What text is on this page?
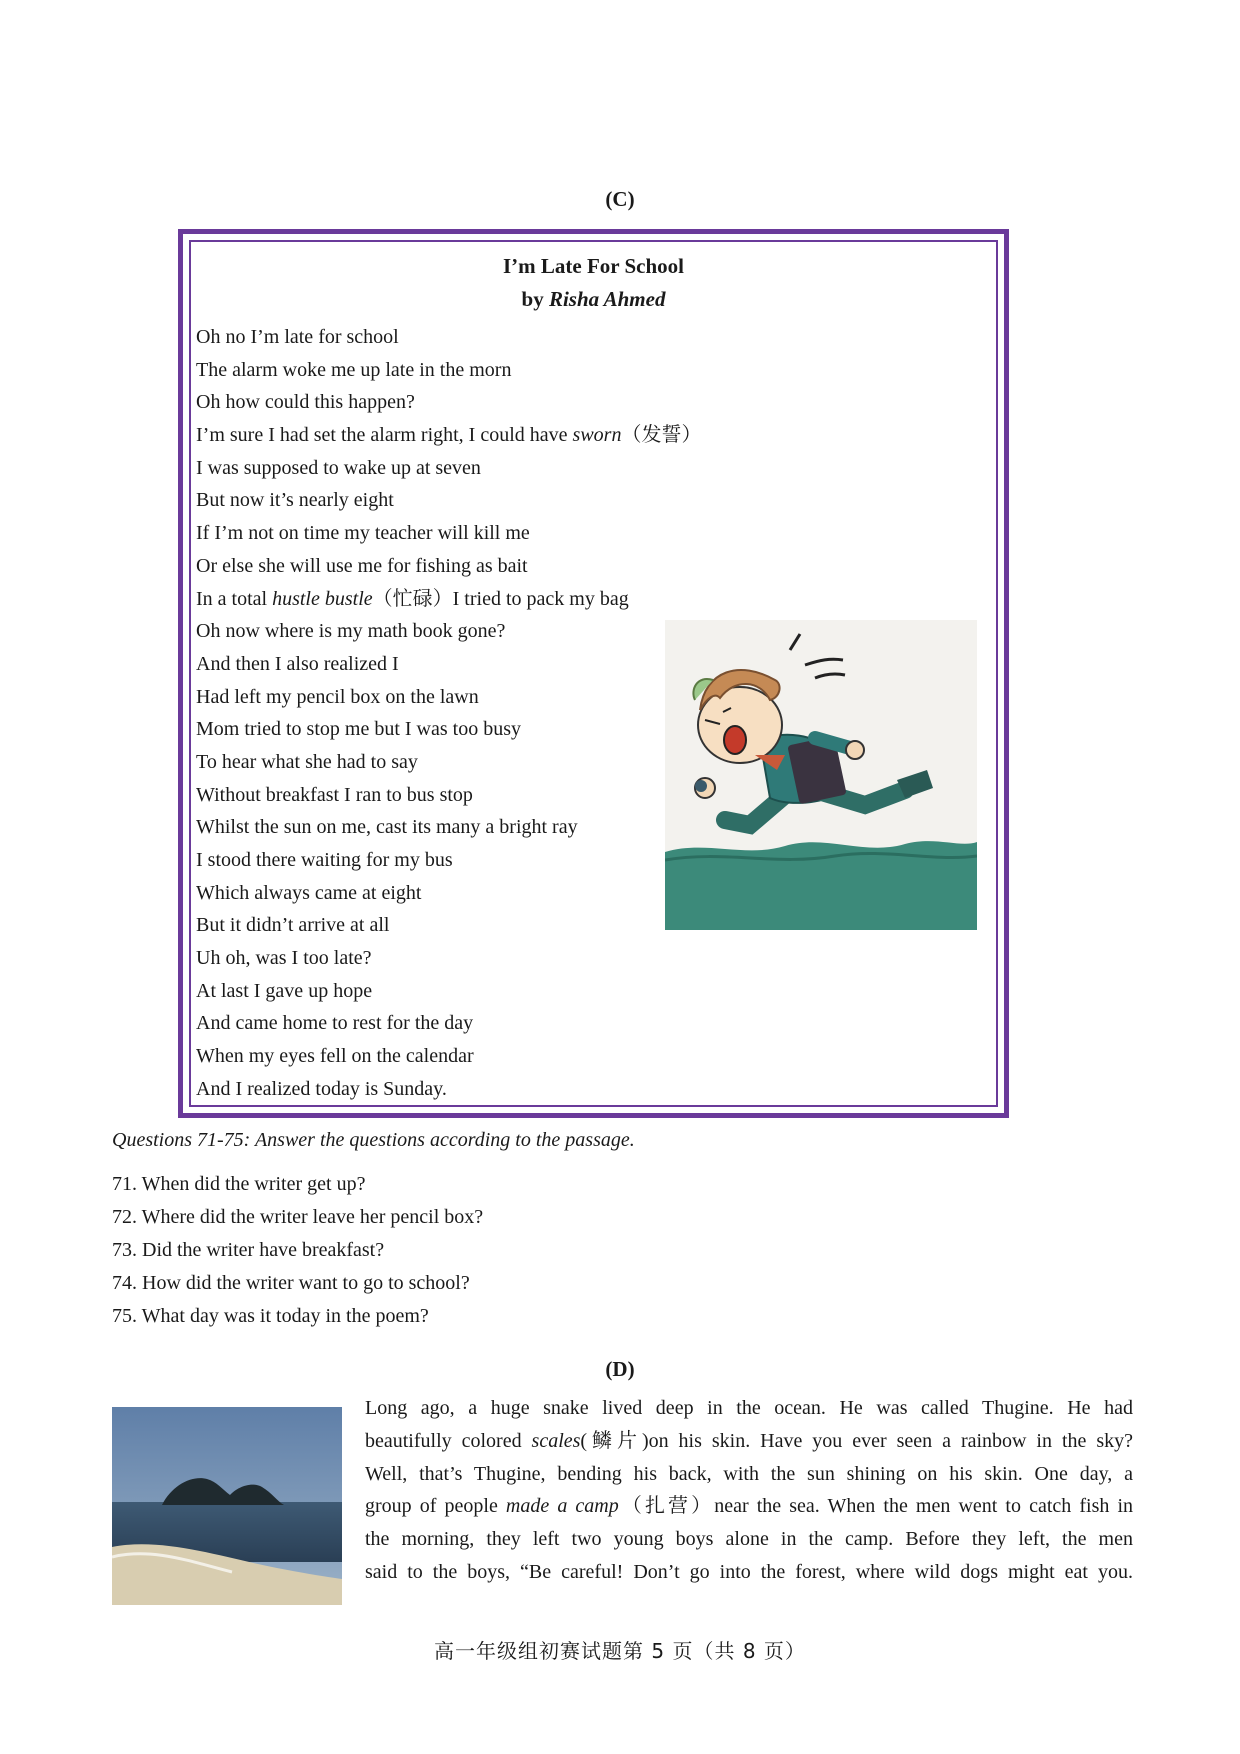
(C)
I’m Late For School
by Risha Ahmed
Oh no I’m late for school
The alarm woke me up late in the morn
Oh how could this happen?
I’m sure I had set the alarm right, I could have sworn（发誓）
I was supposed to wake up at seven
But now it’s nearly eight
If I’m not on time my teacher will kill me
Or else she will use me for fishing as bait
In a total hustle bustle（忙碌）I tried to pack my bag
Oh now where is my math book gone?
And then I also realized I
Had left my pencil box on the lawn
Mom tried to stop me but I was too busy
To hear what she had to say
Without breakfast I ran to bus stop
Whilst the sun on me, cast its many a bright ray
I stood there waiting for my bus
Which always came at eight
But it didn’t arrive at all
Uh oh, was I too late?
At last I gave up hope
And came home to rest for the day
When my eyes fell on the calendar
And I realized today is Sunday.
Questions 71-75: Answer the questions according to the passage.
71. When did the writer get up?
72. Where did the writer leave her pencil box?
73. Did the writer have breakfast?
74. How did the writer want to go to school?
75. What day was it today in the poem?
(D)

Long ago, a huge snake lived deep in the ocean. He was called Thugine. He had

beautifully colored scales(鳞片)on his skin. Have you ever seen a rainbow in the sky?

Well, that’s Thugine, bending his back, with the sun shining on his skin. One day, a

group of people made a camp（扎营）near the sea. When the men went to catch fish in

the morning, they left two young boys alone in the camp. Before they left, the men

said to the boys, “Be careful! Don’t go into the forest, where wild dogs might eat you.

高一年级组初赛试题第 5 页（共 8 页）
